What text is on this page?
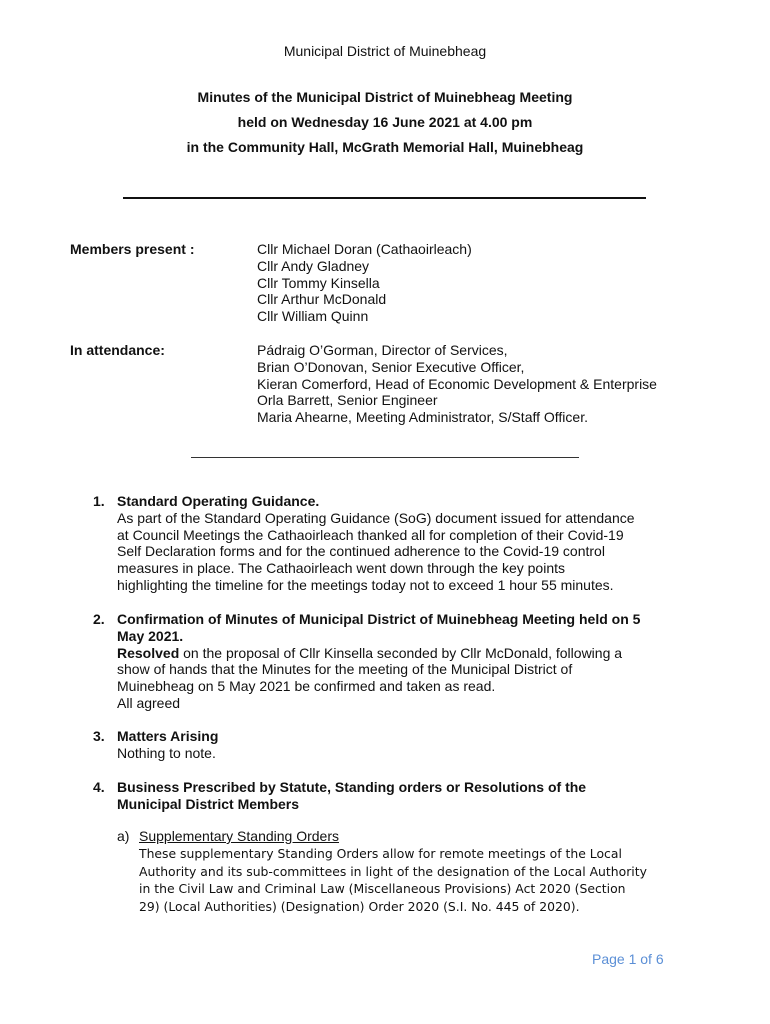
Municipal District of Muinebheag
Minutes of the Municipal District of Muinebheag Meeting
held on Wednesday 16 June 2021 at 4.00 pm
in the Community Hall, McGrath Memorial Hall, Muinebheag
Members present :	Cllr Michael Doran (Cathaoirleach)
Cllr Andy Gladney
Cllr Tommy Kinsella
Cllr Arthur McDonald
Cllr William Quinn
In attendance:	Pádraig O’Gorman, Director of Services,
Brian O’Donovan, Senior Executive Officer,
Kieran Comerford, Head of Economic Development & Enterprise
Orla Barrett, Senior Engineer
Maria Ahearne, Meeting Administrator, S/Staff Officer.
1. Standard Operating Guidance.
As part of the Standard Operating Guidance (SoG) document issued for attendance
at Council Meetings the Cathaoirleach thanked all for completion of their Covid-19
Self Declaration forms and for the continued adherence to the Covid-19 control
measures in place. The Cathaoirleach went down through the key points
highlighting the timeline for the meetings today not to exceed 1 hour 55 minutes.
2. Confirmation of Minutes of Municipal District of Muinebheag Meeting held on 5
May 2021.
Resolved on the proposal of Cllr Kinsella seconded by Cllr McDonald, following a
show of hands that the Minutes for the meeting of the Municipal District of
Muinebheag on 5 May 2021 be confirmed and taken as read.
All agreed
3. Matters Arising
Nothing to note.
4. Business Prescribed by Statute, Standing orders or Resolutions of the
Municipal District Members
a) Supplementary Standing Orders
These supplementary Standing Orders allow for remote meetings of the Local
Authority and its sub-committees in light of the designation of the Local Authority
in the Civil Law and Criminal Law (Miscellaneous Provisions) Act 2020 (Section
29) (Local Authorities) (Designation) Order 2020 (S.I. No. 445 of 2020).
Page 1 of 6
